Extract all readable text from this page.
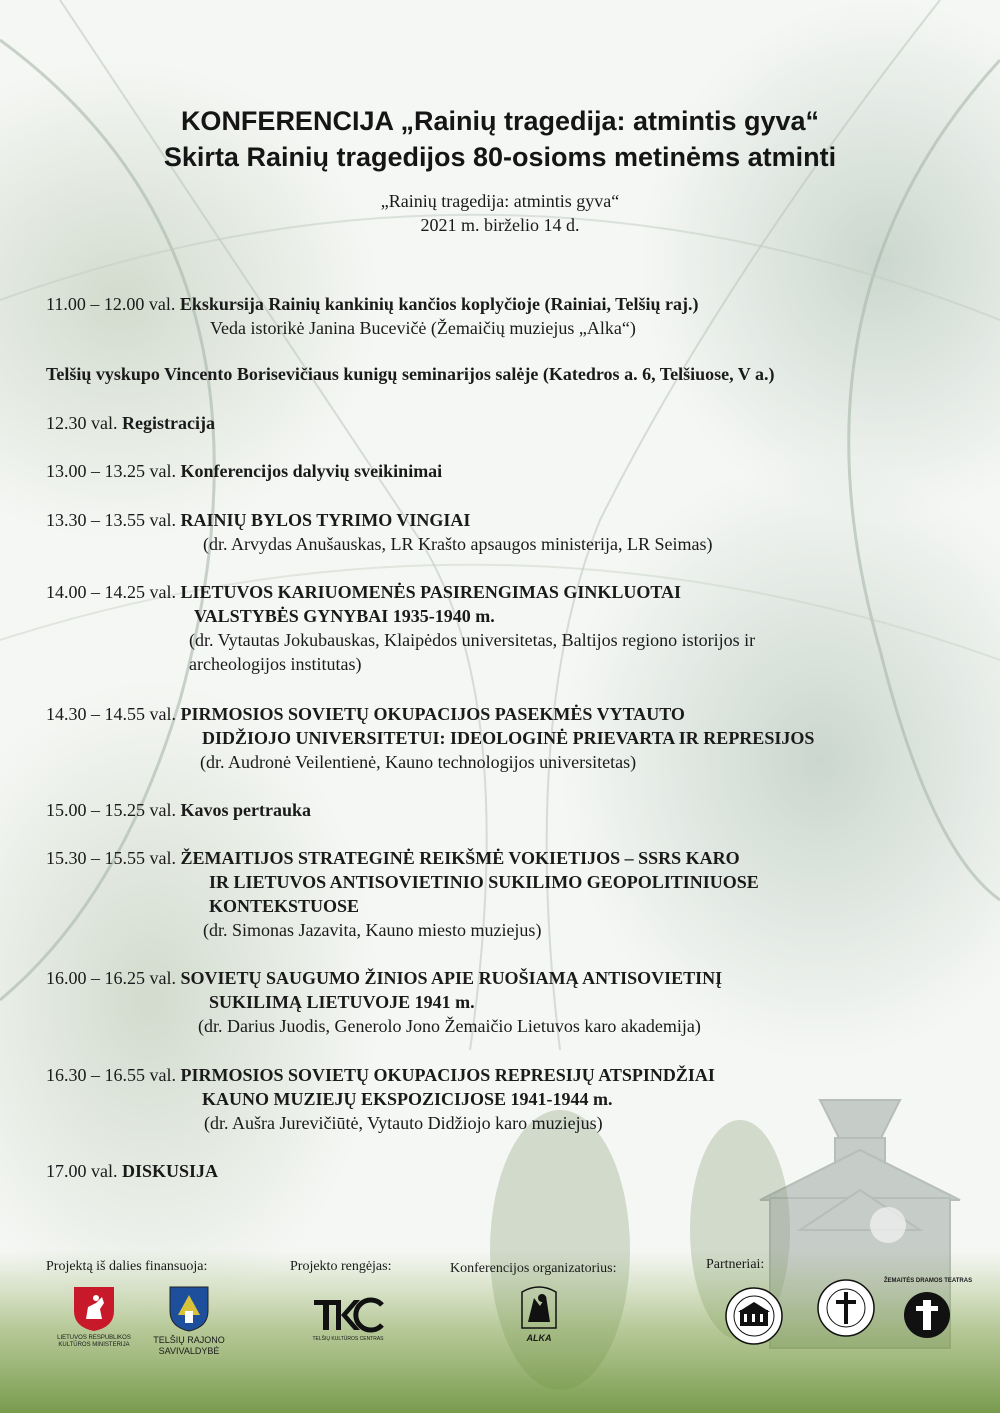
KONFERENCIJA „Rainių tragedija: atmintis gyva“
Skirta Rainių tragedijos 80-osioms metinėms atminti
„Rainių tragedija: atmintis gyva“
2021 m. birželio 14 d.
11.00 – 12.00 val. Ekskursija Rainių kankinių kančios koplyčioje (Rainiai, Telšių raj.)
Veda istorikė Janina Bucevičė (Žemaičių muziejus „Alka“)
Telšių vyskupo Vincento Borisevičiaus kunigų seminarijos salėje (Katedros a. 6, Telšiuose, V a.)
12.30 val. Registracija
13.00 – 13.25 val. Konferencijos dalyvių sveikinimai
13.30 – 13.55 val. RAINIŲ BYLOS TYRIMO VINGIAI
(dr. Arvydas Anušauskas, LR Krašto apsaugos ministerija, LR Seimas)
14.00 – 14.25 val. LIETUVOS KARIUOMENĖS PASIRENGIMAS GINKLUOTAI
VALSTYBĖS GYNYBAI 1935-1940 m.
(dr. Vytautas Jokubauskas, Klaipėdos universitetas, Baltijos regiono istorijos ir
archeologijos institutas)
14.30 – 14.55 val. PIRMOSIOS SOVIETŲ OKUPACIJOS PASEKMĖS VYTAUTO
DIDŽIOJO UNIVERSITETUI: IDEOLOGINĖ PRIEVARTA IR REPRESIJOS
(dr. Audronė Veilentienė, Kauno technologijos universitetas)
15.00 – 15.25 val. Kavos pertrauka
15.30 – 15.55 val. ŽEMAITIJOS STRATEGINĖ REIKŠMĖ VOKIETIJOS – SSRS KARO
IR LIETUVOS ANTISOVIETINIO SUKILIMO GEOPOLITINIUOSE
KONTEKSTUOSE
(dr. Simonas Jazavita, Kauno miesto muziejus)
16.00 – 16.25 val. SOVIETŲ SAUGUMO ŽINIOS APIE RUOŠIAMĄ ANTISOVIETINĮ
SUKILIMĄ LIETUVOJE 1941 m.
(dr. Darius Juodis, Generolo Jono Žemaičio Lietuvos karo akademija)
16.30 – 16.55 val. PIRMOSIOS SOVIETŲ OKUPACIJOS REPRESIJŲ ATSPINDŽIAI
KAUNO MUZIEJŲ EKSPOZICIJOSE 1941-1944 m.
(dr. Aušra Jurevičiūtė, Vytauto Didžiojo karo muziejus)
17.00 val. DISKUSIJA
Projektą iš dalies finansuoja:	Projekto rengėjas:	Konferencijos organizatorius:	Partneriai:
LIETUVOS RESPUBLIKOS
KULTŪROS MINISTERIJA	TELŠIŲ RAJONO
SAVIVALDYBĖ
TELŠIŲ KULTŪROS CENTRAS	ALKA
ŽEMAITĖS DRAMOS TEATRAS
